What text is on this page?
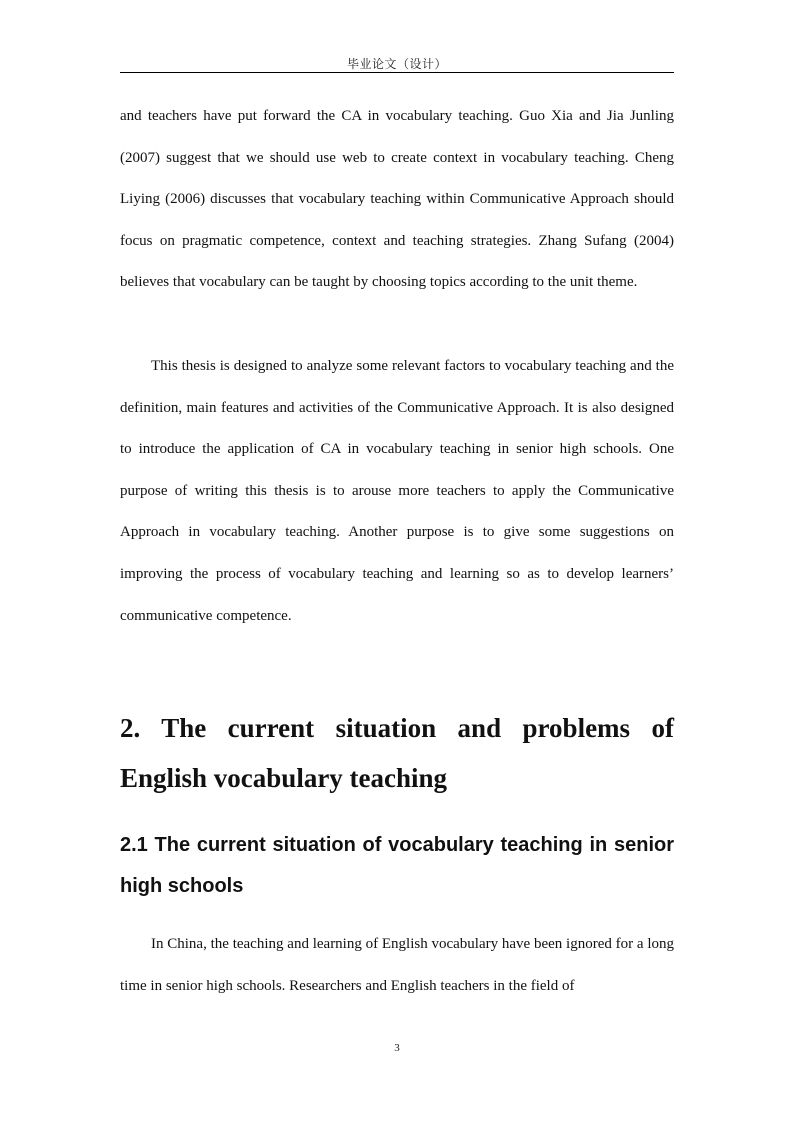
毕业论文（设计）

and teachers have put forward the CA in vocabulary teaching. Guo Xia and Jia Junling (2007) suggest that we should use web to create context in vocabulary teaching. Cheng Liying (2006) discusses that vocabulary teaching within Communicative Approach should focus on pragmatic competence, context and teaching strategies. Zhang Sufang (2004) believes that vocabulary can be taught by choosing topics according to the unit theme.

This thesis is designed to analyze some relevant factors to vocabulary teaching and the definition, main features and activities of the Communicative Approach. It is also designed to introduce the application of CA in vocabulary teaching in senior high schools. One purpose of writing this thesis is to arouse more teachers to apply the Communicative Approach in vocabulary teaching. Another purpose is to give some suggestions on improving the process of vocabulary teaching and learning so as to develop learners’ communicative competence.

2. The current situation and problems of English vocabulary teaching
2.1 The current situation of vocabulary teaching in senior high schools

In China, the teaching and learning of English vocabulary have been ignored for a long time in senior high schools. Researchers and English teachers in the field of

3
